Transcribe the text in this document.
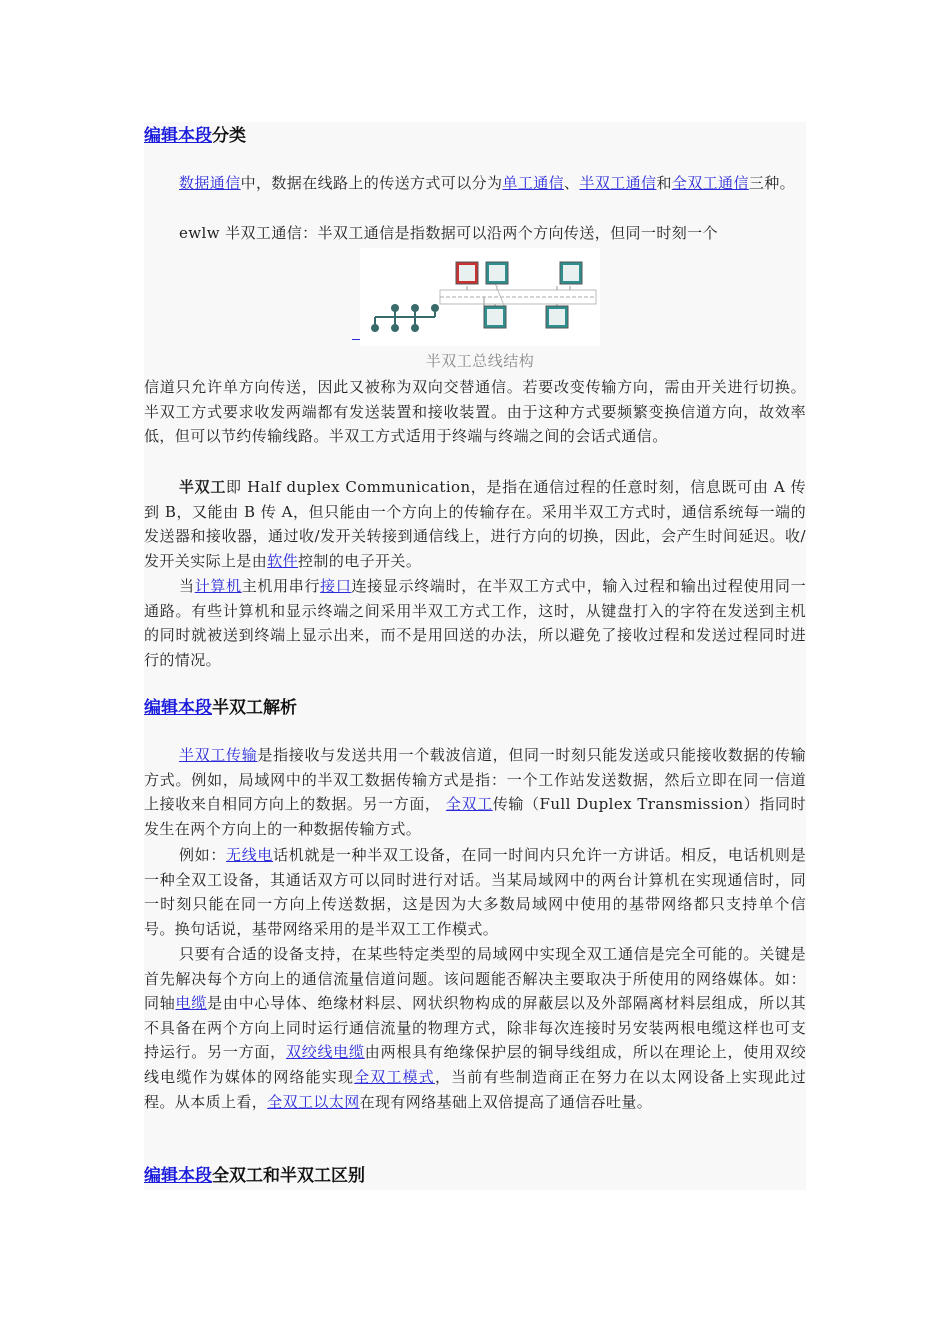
编辑本段分类

数据通信中，数据在线路上的传送方式可以分为单工通信、半双工通信和全双工通信三种。

ewlw 半双工通信：半双工通信是指数据可以沿两个方向传送，但同一时刻一个

半双工总线结构

信道只允许单方向传送，因此又被称为双向交替通信。若要改变传输方向，需由开关进行切换。半双工方式要求收发两端都有发送装置和接收装置。由于这种方式要频繁变换信道方向，故效率低，但可以节约传输线路。半双工方式适用于终端与终端之间的会话式通信。

半双工即 Half duplex Communication，是指在通信过程的任意时刻，信息既可由 A 传到 B，又能由 B 传 A，但只能由一个方向上的传输存在。采用半双工方式时，通信系统每一端的发送器和接收器，通过收/发开关转接到通信线上，进行方向的切换，因此，会产生时间延迟。收/发开关实际上是由软件控制的电子开关。

当计算机主机用串行接口连接显示终端时，在半双工方式中，输入过程和输出过程使用同一通路。有些计算机和显示终端之间采用半双工方式工作，这时，从键盘打入的字符在发送到主机的同时就被送到终端上显示出来，而不是用回送的办法，所以避免了接收过程和发送过程同时进行的情况。

编辑本段半双工解析

半双工传输是指接收与发送共用一个载波信道，但同一时刻只能发送或只能接收数据的传输方式。例如，局域网中的半双工数据传输方式是指：一个工作站发送数据，然后立即在同一信道上接收来自相同方向上的数据。另一方面， 全双工传输（Full Duplex Transmission）指同时发生在两个方向上的一种数据传输方式。

例如：无线电话机就是一种半双工设备，在同一时间内只允许一方讲话。相反，电话机则是一种全双工设备，其通话双方可以同时进行对话。当某局域网中的两台计算机在实现通信时，同一时刻只能在同一方向上传送数据，这是因为大多数局域网中使用的基带网络都只支持单个信号。换句话说，基带网络采用的是半双工工作模式。

只要有合适的设备支持，在某些特定类型的局域网中实现全双工通信是完全可能的。关键是首先解决每个方向上的通信流量信道问题。该问题能否解决主要取决于所使用的网络媒体。如：同轴电缆是由中心导体、绝缘材料层、网状织物构成的屏蔽层以及外部隔离材料层组成，所以其不具备在两个方向上同时运行通信流量的物理方式，除非每次连接时另安装两根电缆这样也可支持运行。另一方面，双绞线电缆由两根具有绝缘保护层的铜导线组成，所以在理论上，使用双绞线电缆作为媒体的网络能实现全双工模式，当前有些制造商正在努力在以太网设备上实现此过程。从本质上看，全双工以太网在现有网络基础上双倍提高了通信吞吐量。

编辑本段全双工和半双工区别
